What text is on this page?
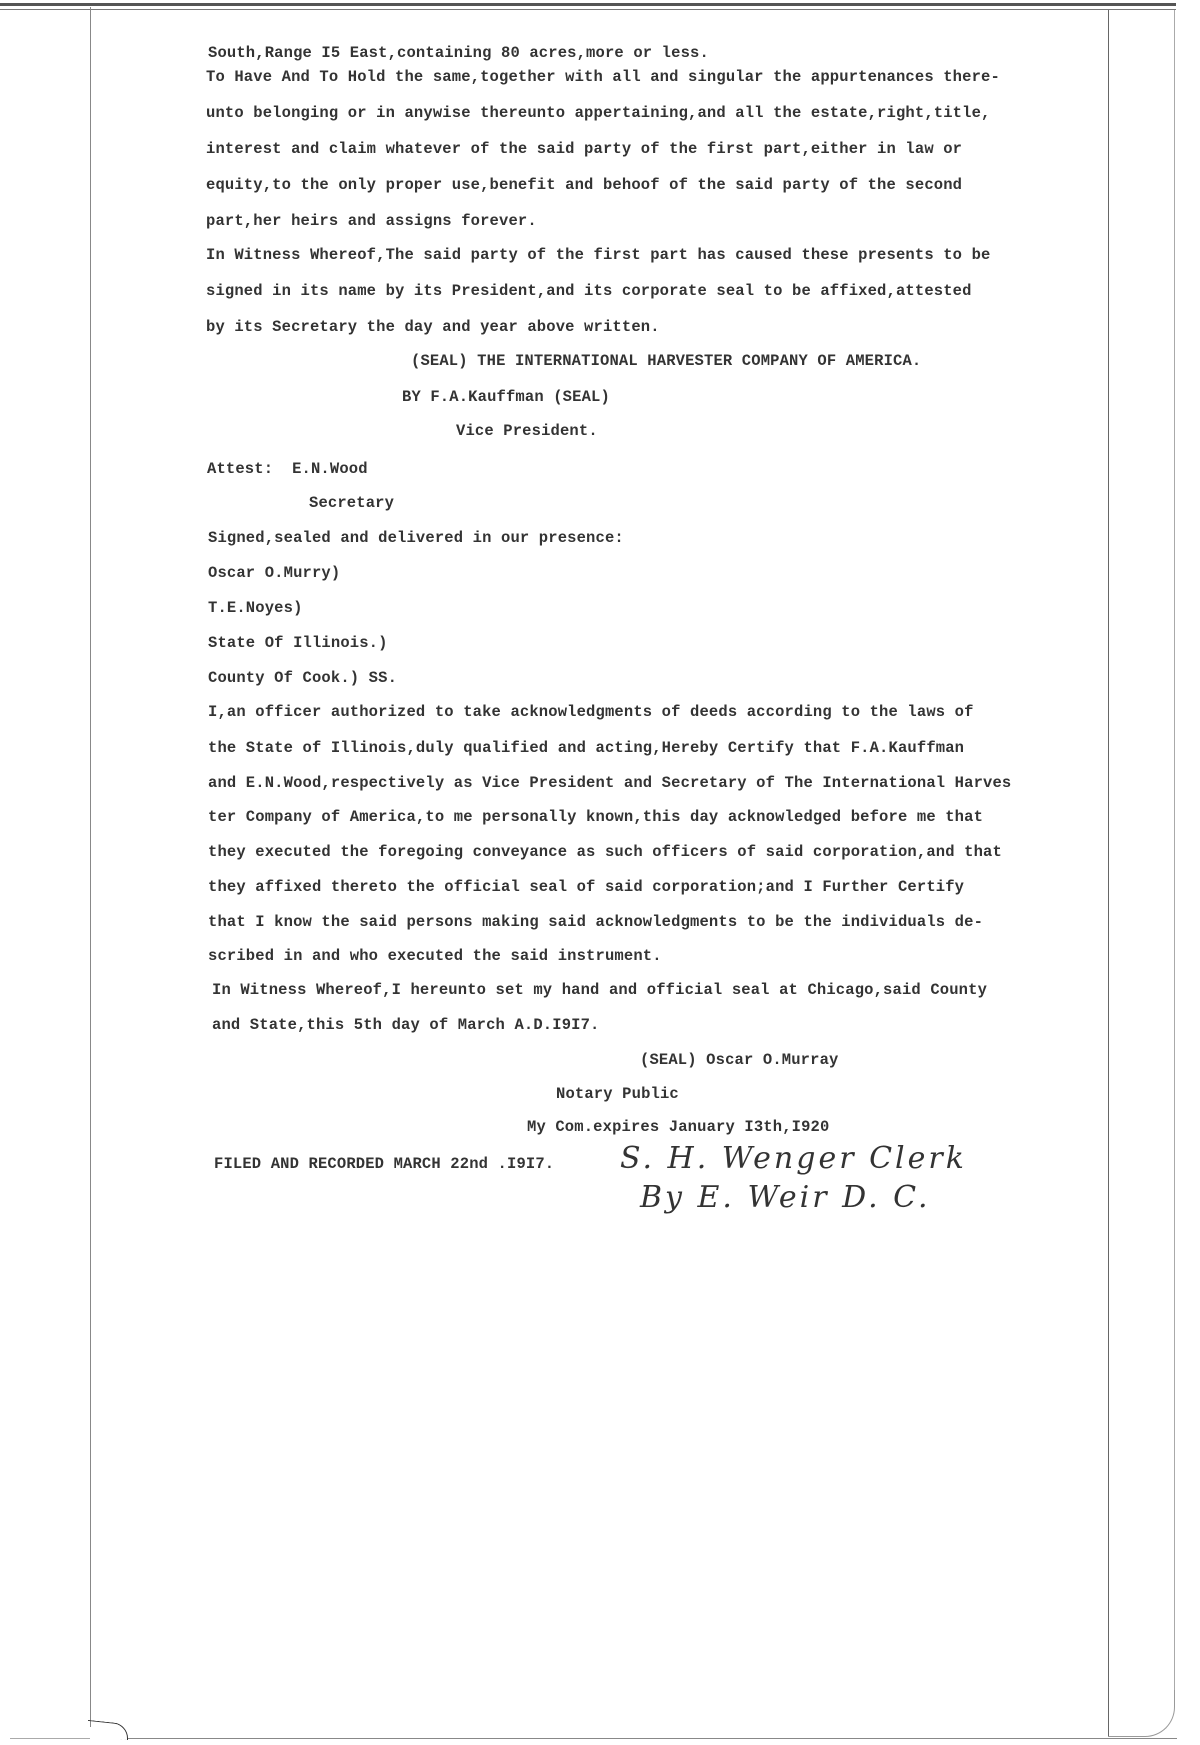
South,Range I5 East,containing 80 acres,more or less.
To Have And To Hold the same,together with all and singular the appurtenances there-
unto belonging or in anywise thereunto appertaining,and all the estate,right,title,
interest and claim whatever of the said party of the first part,either in law or
equity,to the only proper use,benefit and behoof of the said party of the second
part,her heirs and assigns forever.
In Witness Whereof,The said party of the first part has caused these presents to be
signed in its name by its President,and its corporate seal to be affixed,attested
by its Secretary the day and year above written.
(SEAL) THE INTERNATIONAL HARVESTER COMPANY OF AMERICA.
BY F.A.Kauffman (SEAL)
Vice President.
Attest:  E.N.Wood
Secretary
Signed,sealed and delivered in our presence:
Oscar O.Murry)
T.E.Noyes)
State Of Illinois.)
County Of Cook.) SS.
I,an officer authorized to take acknowledgments of deeds according to the laws of
the State of Illinois,duly qualified and acting,Hereby Certify that F.A.Kauffman
and E.N.Wood,respectively as Vice President and Secretary of The International Harves
ter Company of America,to me personally known,this day acknowledged before me that
they executed the foregoing conveyance as such officers of said corporation,and that
they affixed thereto the official seal of said corporation;and I Further Certify
that I know the said persons making said acknowledgments to be the individuals de-
scribed in and who executed the said instrument.
In Witness Whereof,I hereunto set my hand and official seal at Chicago,said County
and State,this 5th day of March A.D.I9I7.
(SEAL) Oscar O.Murray
Notary Public
My Com.expires January I3th,I920
FILED AND RECORDED MARCH 22nd .I9I7. S. H. Wenger Clerk
By E. Weir D. C.
